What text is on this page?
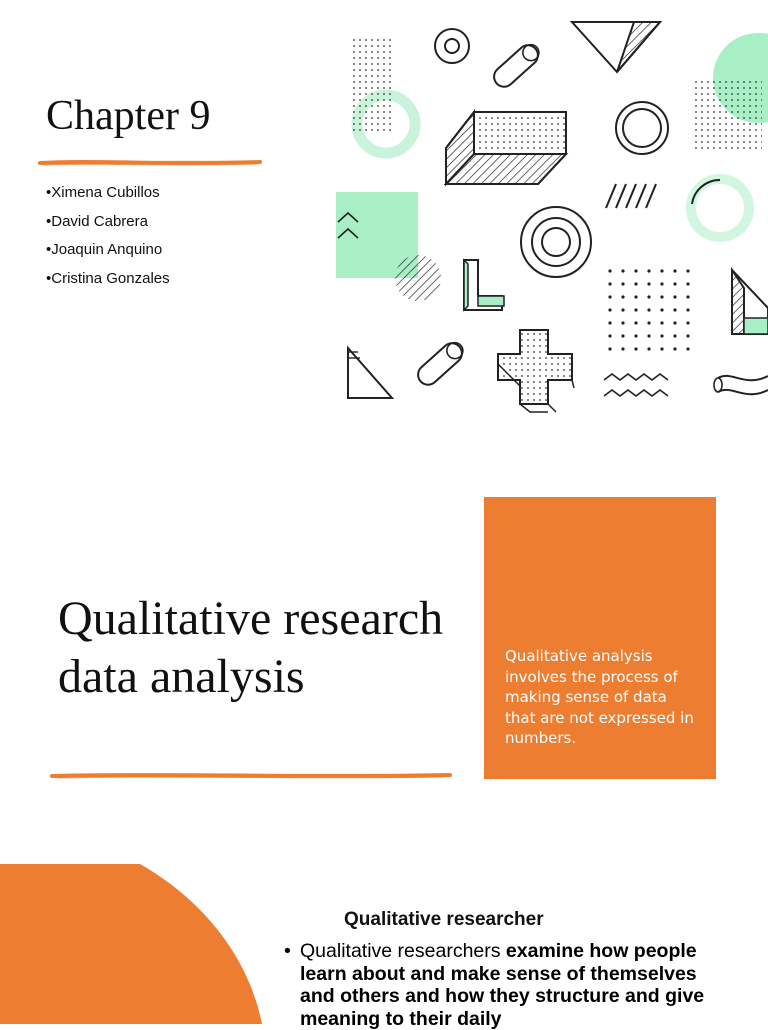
Chapter 9
•Ximena Cubillos
•David Cabrera
•Joaquin Anquino
•Cristina Gonzales
Qualitative research data analysis	Qualitative analysis involves the process of making sense of data that are not expressed in numbers.

Qualitative researcher
• Qualitative researchers examine how people learn about and make sense of themselves and others and how they structure and give meaning to their daily
